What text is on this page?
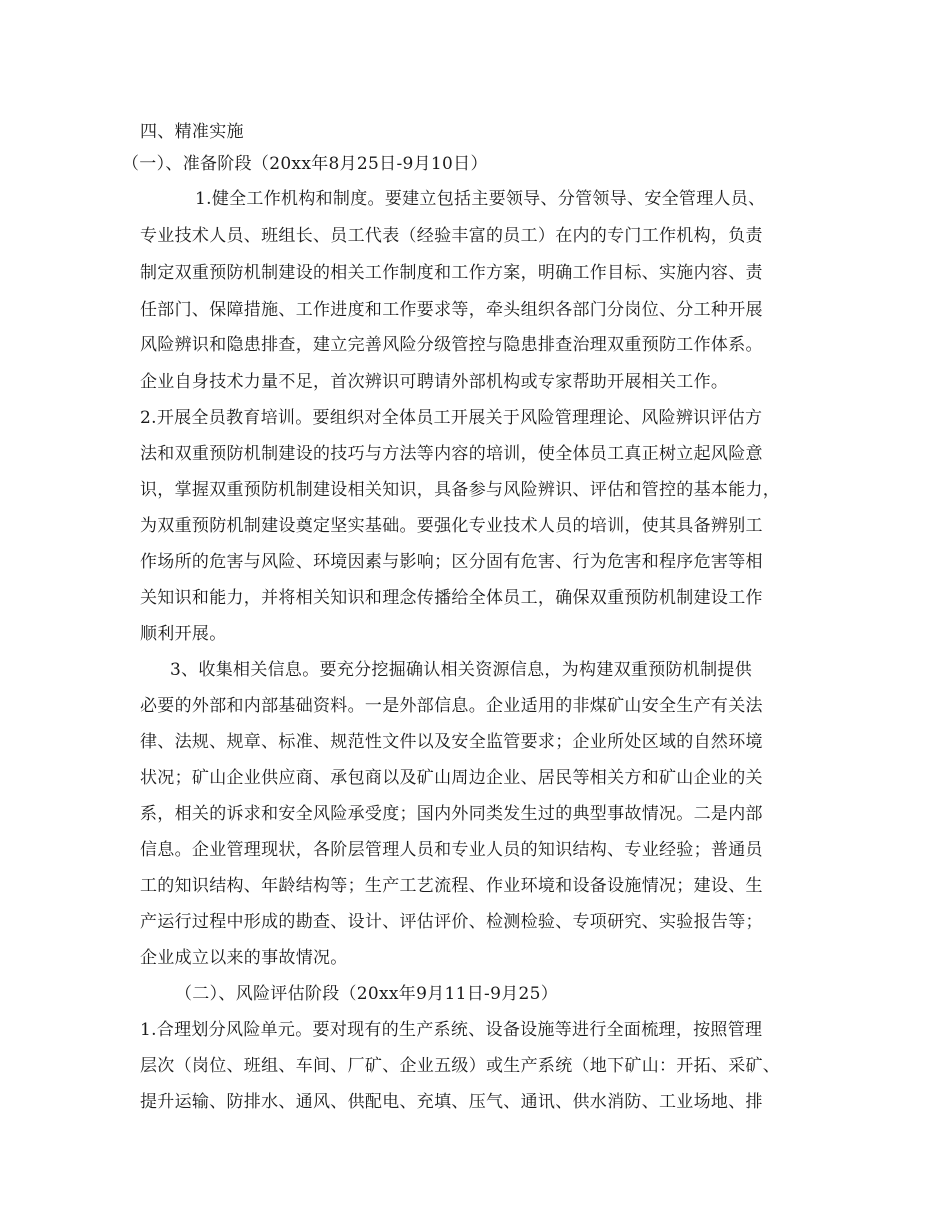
四、精准实施
（一）、准备阶段（20xx年8月25日-9月10日）
1.健全工作机构和制度。要建立包括主要领导、分管领导、安全管理人员、
专业技术人员、班组长、员工代表（经验丰富的员工）在内的专门工作机构，负责
制定双重预防机制建设的相关工作制度和工作方案，明确工作目标、实施内容、责
任部门、保障措施、工作进度和工作要求等，牵头组织各部门分岗位、分工种开展
风险辨识和隐患排查，建立完善风险分级管控与隐患排查治理双重预防工作体系。
企业自身技术力量不足，首次辨识可聘请外部机构或专家帮助开展相关工作。
2.开展全员教育培训。要组织对全体员工开展关于风险管理理论、风险辨识评估方
法和双重预防机制建设的技巧与方法等内容的培训，使全体员工真正树立起风险意
识，掌握双重预防机制建设相关知识，具备参与风险辨识、评估和管控的基本能力，
为双重预防机制建设奠定坚实基础。要强化专业技术人员的培训，使其具备辨别工
作场所的危害与风险、环境因素与影响；区分固有危害、行为危害和程序危害等相
关知识和能力，并将相关知识和理念传播给全体员工，确保双重预防机制建设工作
顺利开展。
3、收集相关信息。要充分挖掘确认相关资源信息，为构建双重预防机制提供
必要的外部和内部基础资料。一是外部信息。企业适用的非煤矿山安全生产有关法
律、法规、规章、标准、规范性文件以及安全监管要求；企业所处区域的自然环境
状况；矿山企业供应商、承包商以及矿山周边企业、居民等相关方和矿山企业的关
系，相关的诉求和安全风险承受度；国内外同类发生过的典型事故情况。二是内部
信息。企业管理现状，各阶层管理人员和专业人员的知识结构、专业经验；普通员
工的知识结构、年龄结构等；生产工艺流程、作业环境和设备设施情况；建设、生
产运行过程中形成的勘查、设计、评估评价、检测检验、专项研究、实验报告等；
企业成立以来的事故情况。
（二）、风险评估阶段（20xx年9月11日-9月25）
1.合理划分风险单元。要对现有的生产系统、设备设施等进行全面梳理，按照管理
层次（岗位、班组、车间、厂矿、企业五级）或生产系统（地下矿山：开拓、采矿、
提升运输、防排水、通风、供配电、充填、压气、通讯、供水消防、工业场地、排
